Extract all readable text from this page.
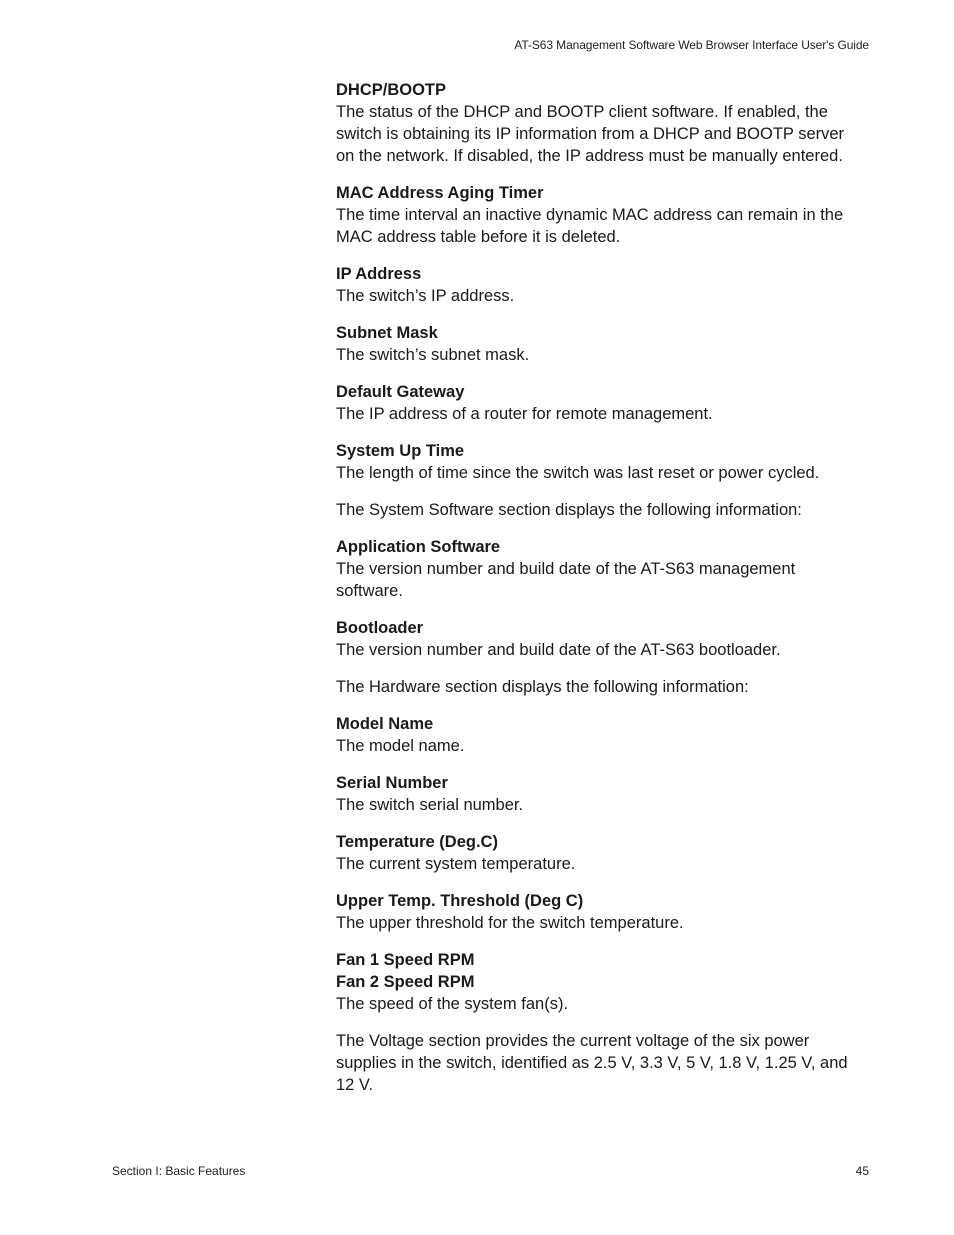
AT-S63 Management Software Web Browser Interface User's Guide
DHCP/BOOTP
The status of the DHCP and BOOTP client software. If enabled, the switch is obtaining its IP information from a DHCP and BOOTP server on the network. If disabled, the IP address must be manually entered.
MAC Address Aging Timer
The time interval an inactive dynamic MAC address can remain in the MAC address table before it is deleted.
IP Address
The switch’s IP address.
Subnet Mask
The switch’s subnet mask.
Default Gateway
The IP address of a router for remote management.
System Up Time
The length of time since the switch was last reset or power cycled.

The System Software section displays the following information:

Application Software
The version number and build date of the AT-S63 management software.
Bootloader
The version number and build date of the AT-S63 bootloader.

The Hardware section displays the following information:

Model Name
The model name.
Serial Number
The switch serial number.
Temperature (Deg.C)
The current system temperature.
Upper Temp. Threshold (Deg C)
The upper threshold for the switch temperature.
Fan 1 Speed RPM
Fan 2 Speed RPM
The speed of the system fan(s).

The Voltage section provides the current voltage of the six power supplies in the switch, identified as 2.5 V, 3.3 V, 5 V, 1.8 V, 1.25 V, and 12 V.

Section I: Basic Features	45
